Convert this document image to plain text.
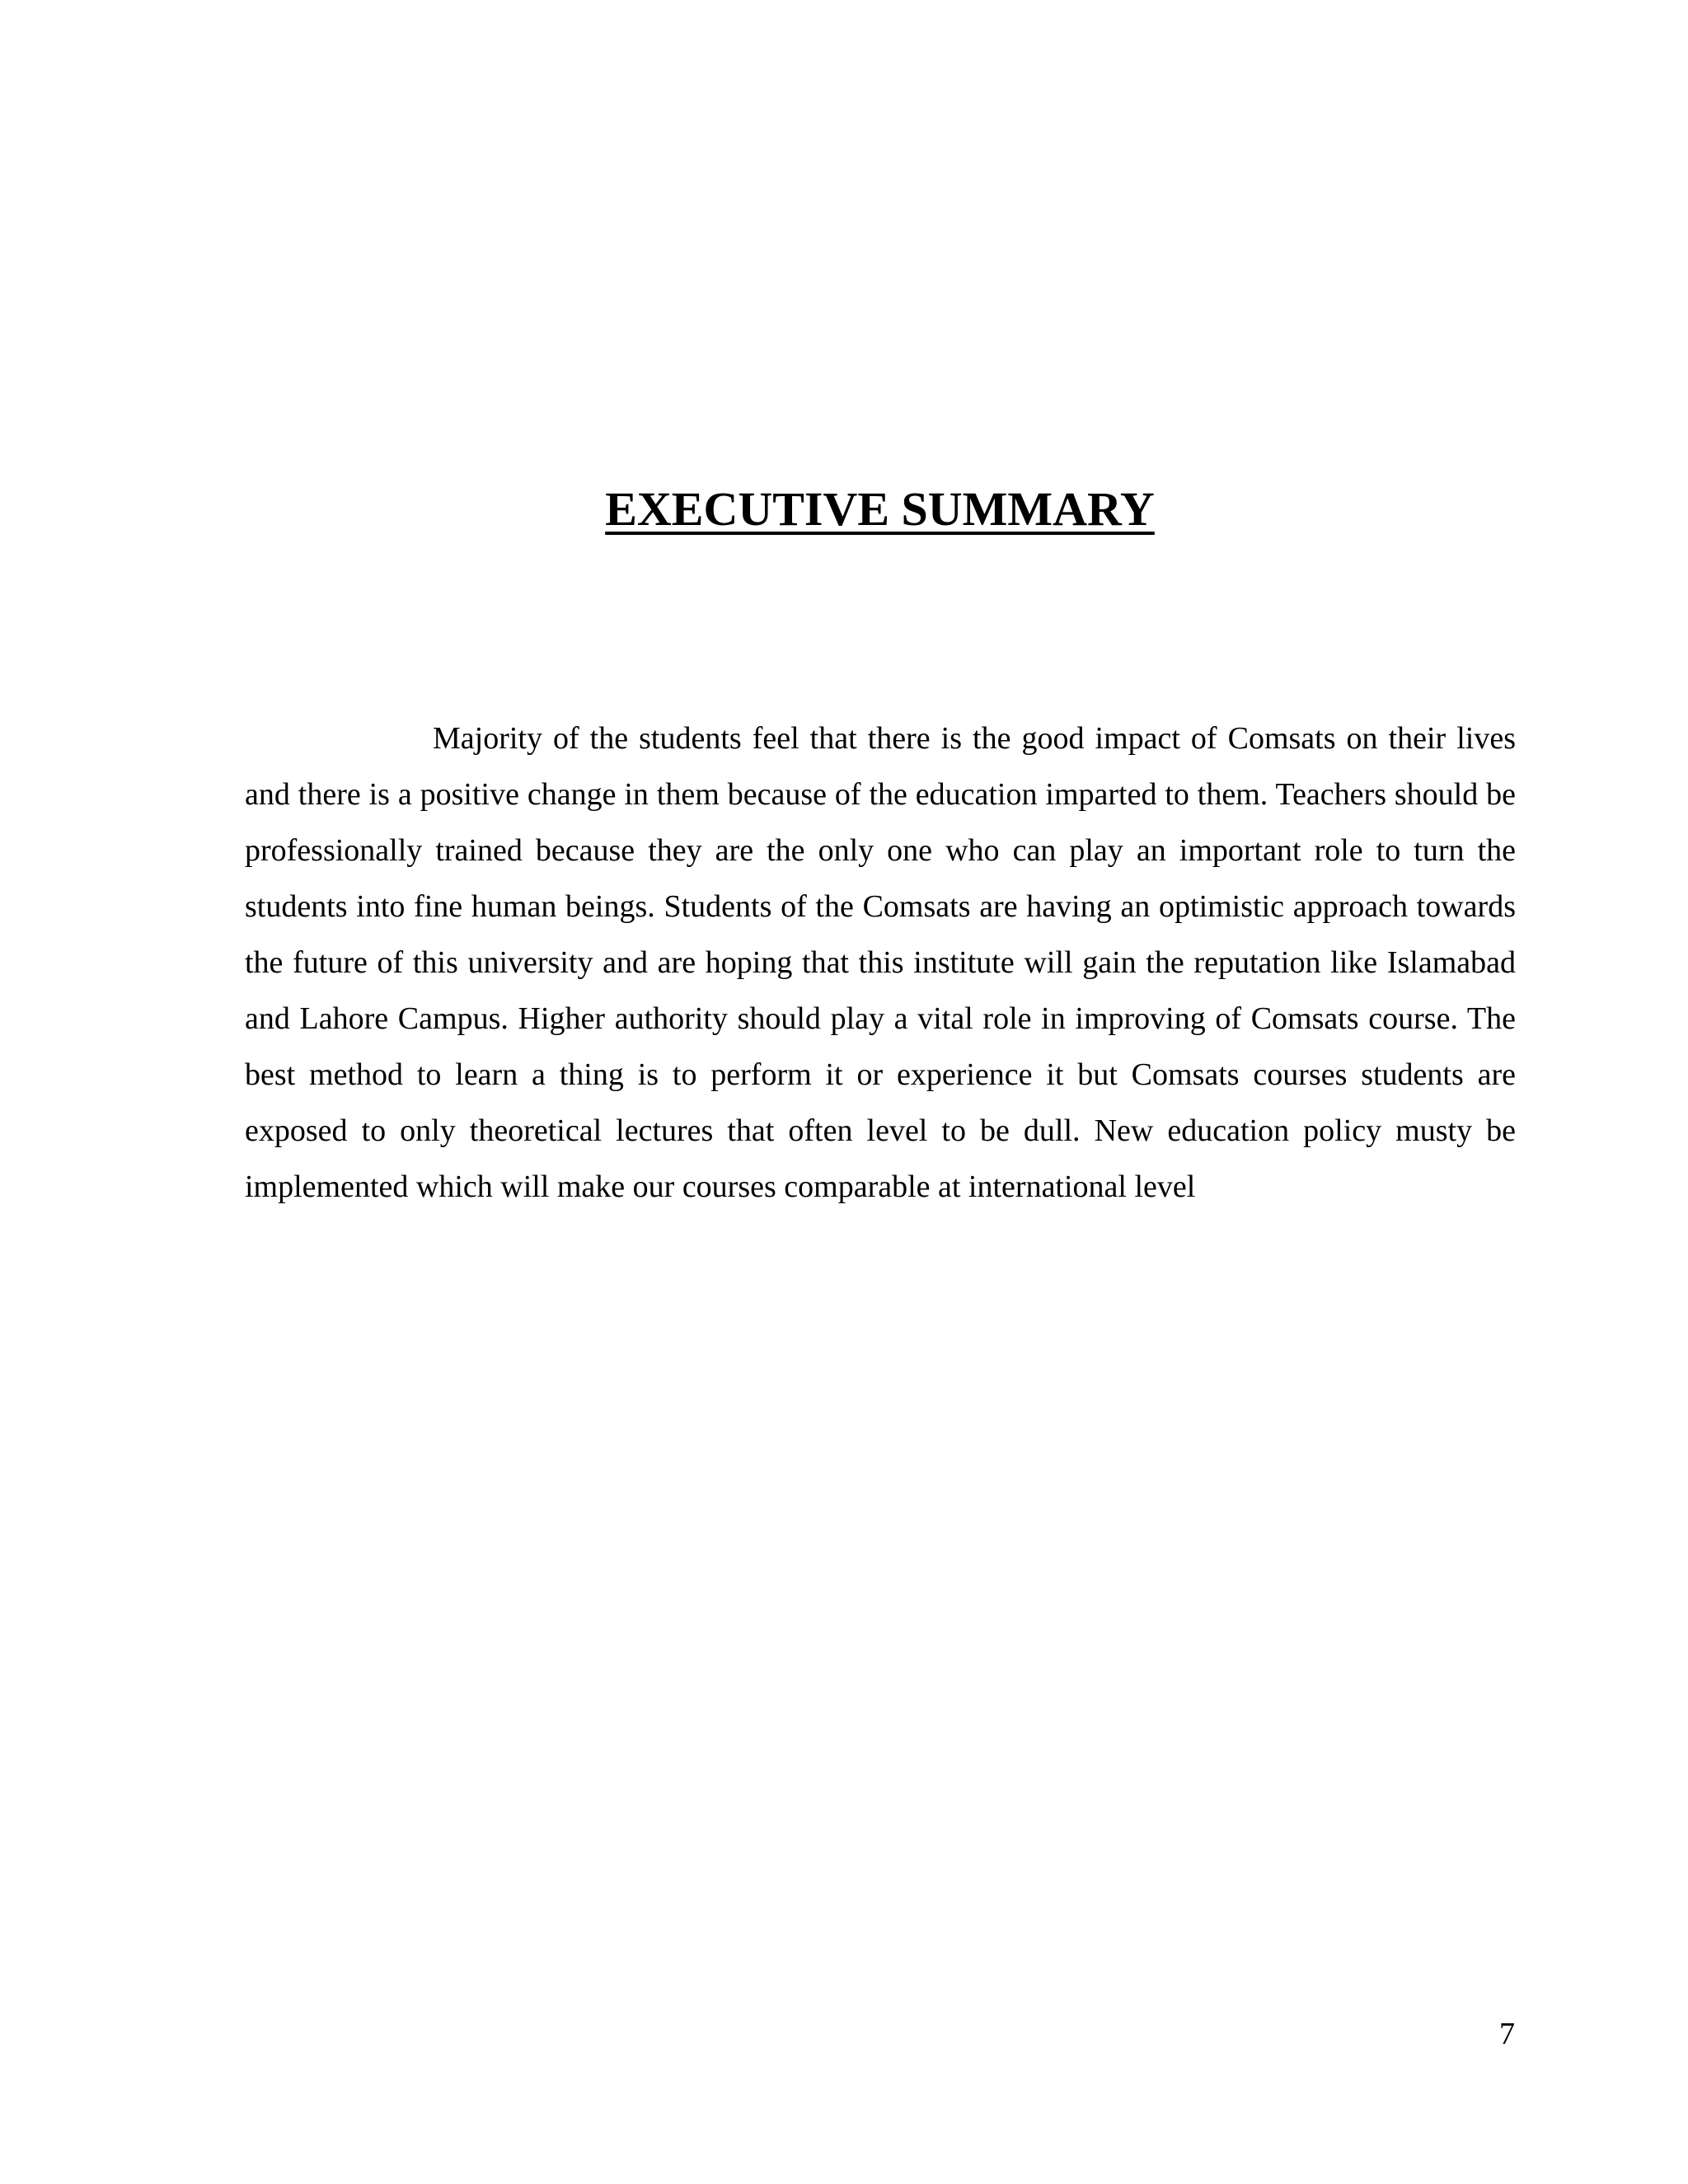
EXECUTIVE SUMMARY

Majority of the students feel that there is the good impact of Comsats on their lives and there is a positive change in them because of the education imparted to them. Teachers should be professionally trained because they are the only one who can play an important role to turn the students into fine human beings. Students of the Comsats are having an optimistic approach towards the future of this university and are hoping that this institute will gain the reputation like Islamabad and Lahore Campus. Higher authority should play a vital role in improving of Comsats course. The best method to learn a thing is to perform it or experience it but Comsats courses students are exposed to only theoretical lectures that often level to be dull. New education policy musty be implemented which will make our courses comparable at international level

7
